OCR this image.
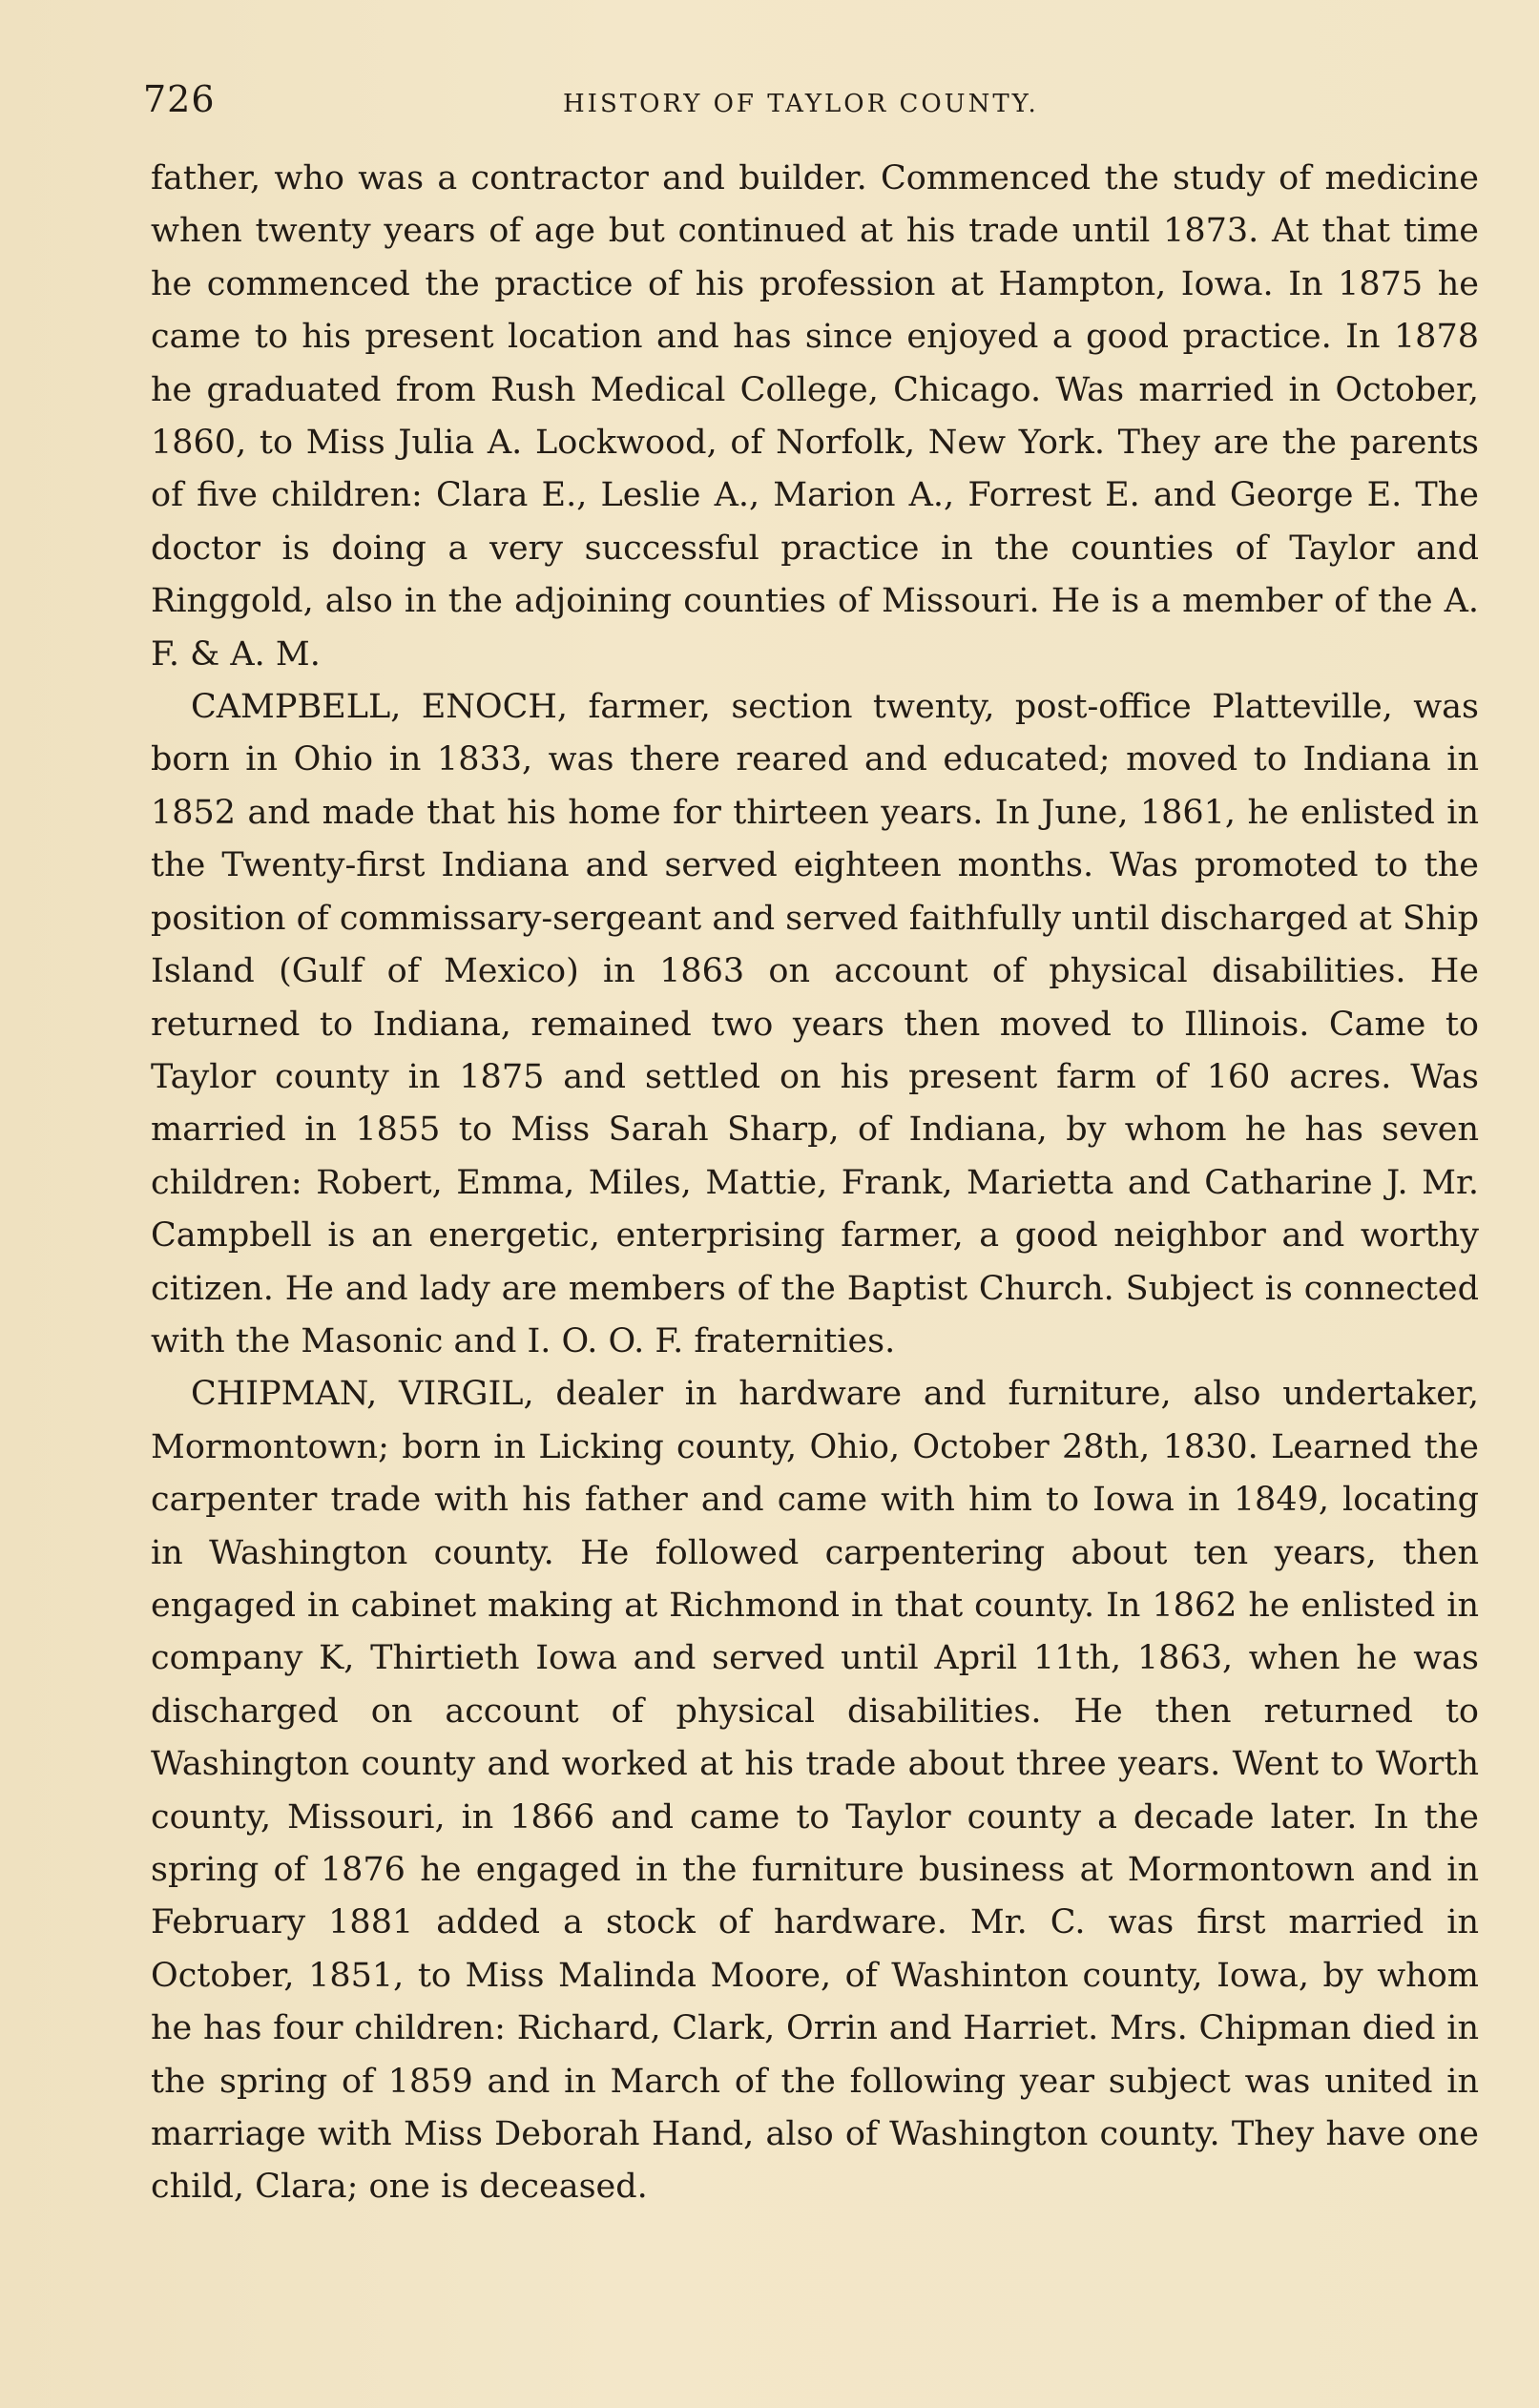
726	HISTORY OF TAYLOR COUNTY.

father, who was a contractor and builder. Commenced the study of medicine when twenty years of age but continued at his trade until 1873. At that time he commenced the practice of his profession at Hampton, Iowa. In 1875 he came to his present location and has since enjoyed a good practice. In 1878 he graduated from Rush Medical College, Chicago. Was married in October, 1860, to Miss Julia A. Lockwood, of Norfolk, New York. They are the parents of five children: Clara E., Leslie A., Marion A., Forrest E. and George E. The doctor is doing a very successful practice in the counties of Taylor and Ringgold, also in the adjoining counties of Missouri. He is a member of the A. F. & A. M.

CAMPBELL, ENOCH, farmer, section twenty, post-office Platteville, was born in Ohio in 1833, was there reared and educated; moved to Indiana in 1852 and made that his home for thirteen years. In June, 1861, he enlisted in the Twenty-first Indiana and served eighteen months. Was promoted to the position of commissary-sergeant and served faithfully until discharged at Ship Island (Gulf of Mexico) in 1863 on account of physical disabilities. He returned to Indiana, remained two years then moved to Illinois. Came to Taylor county in 1875 and settled on his present farm of 160 acres. Was married in 1855 to Miss Sarah Sharp, of Indiana, by whom he has seven children: Robert, Emma, Miles, Mattie, Frank, Marietta and Catharine J. Mr. Campbell is an energetic, enterprising farmer, a good neighbor and worthy citizen. He and lady are members of the Baptist Church. Subject is connected with the Masonic and I. O. O. F. fraternities.

CHIPMAN, VIRGIL, dealer in hardware and furniture, also undertaker, Mormontown; born in Licking county, Ohio, October 28th, 1830. Learned the carpenter trade with his father and came with him to Iowa in 1849, locating in Washington county. He followed carpentering about ten years, then engaged in cabinet making at Richmond in that county. In 1862 he enlisted in company K, Thirtieth Iowa and served until April 11th, 1863, when he was discharged on account of physical disabilities. He then returned to Washington county and worked at his trade about three years. Went to Worth county, Missouri, in 1866 and came to Taylor county a decade later. In the spring of 1876 he engaged in the furniture business at Mormontown and in February 1881 added a stock of hardware. Mr. C. was first married in October, 1851, to Miss Malinda Moore, of Washinton county, Iowa, by whom he has four children: Richard, Clark, Orrin and Harriet. Mrs. Chipman died in the spring of 1859 and in March of the following year subject was united in marriage with Miss Deborah Hand, also of Washington county. They have one child, Clara; one is deceased.
